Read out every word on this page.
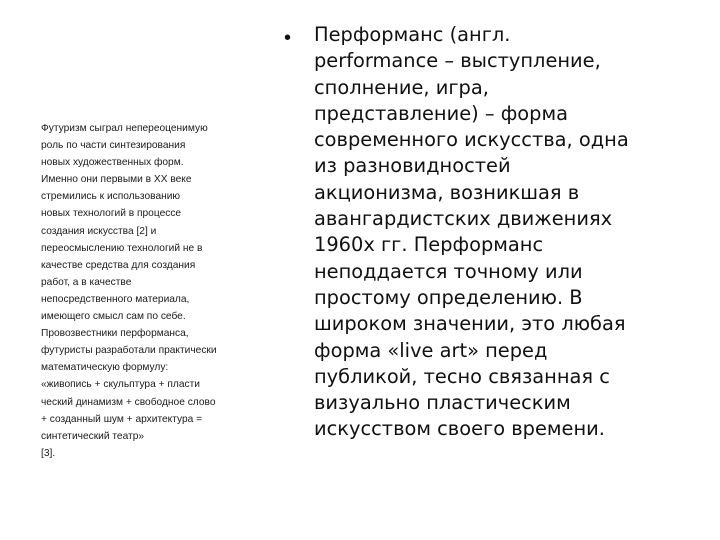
Футуризм сыграл непереоценимую
роль по части синтезирования
новых художественных форм.
Именно они первыми в XX веке
стремились к использованию
новых технологий в процессе
создания искусства [2] и
переосмыслению технологий не в
качестве средства для создания
работ, а в качестве
непосредственного материала,
имеющего смысл сам по себе.
Провозвестники перформанса,
футуристы разработали практически
математическую формулу:
«живопись + скульптура + пласти
ческий динамизм + свободное слово
+ созданный шум + архитектура =
синтетический театр»
[3].
• Перформанс (англ.
performance – выступление,
сполнение, игра,
представление) – форма
современного искусства, одна
из разновидностей
акционизма, возникшая в
авангардистских движениях
1960х гг. Перформанс
неподдается точному или
простому определению. В
широком значении, это любая
форма «live art» перед
публикой, тесно связанная с
визуально пластическим
искусством своего времени.
